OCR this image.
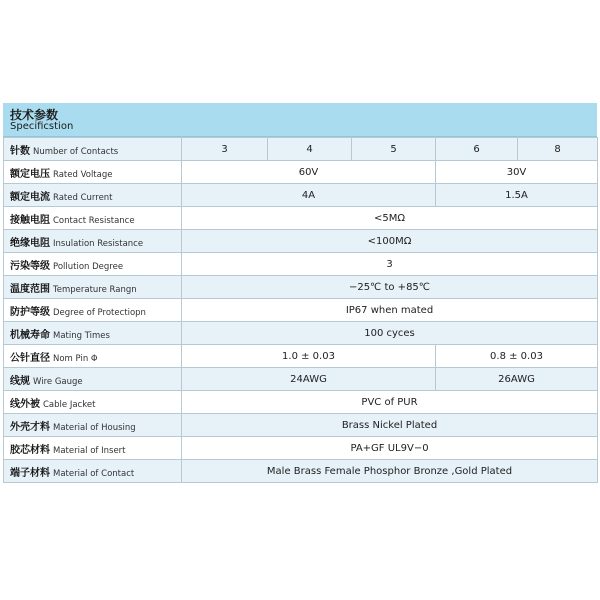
技术参数
Specificstion
针数 Number of Contacts	3	4	5	6	8
额定电压 Rated Voltage	60V			30V	
额定电流 Rated Current	4A			1.5A	
接触电阻 Contact Resistance	<5MΩ				
绝缘电阻 Insulation Resistance	<100MΩ				
污染等级 Pollution Degree	3				
温度范围 Temperature Rangn	−25℃ to +85℃				
防护等级 Degree of Protectiopn	IP67 when mated				
机械寿命 Mating Times	100 cyces				
公针直径 Nom Pin Φ	1.0 ± 0.03			0.8 ± 0.03	
线规 Wire Gauge	24AWG			26AWG	
线外被 Cable Jacket	PVC of PUR				
外壳才料 Material of Housing	Brass Nickel Plated				
胶芯材料 Material of Insert	PA+GF UL9V−0				
端子材料 Material of Contact	Male Brass Female Phosphor Bronze ,Gold Plated				
